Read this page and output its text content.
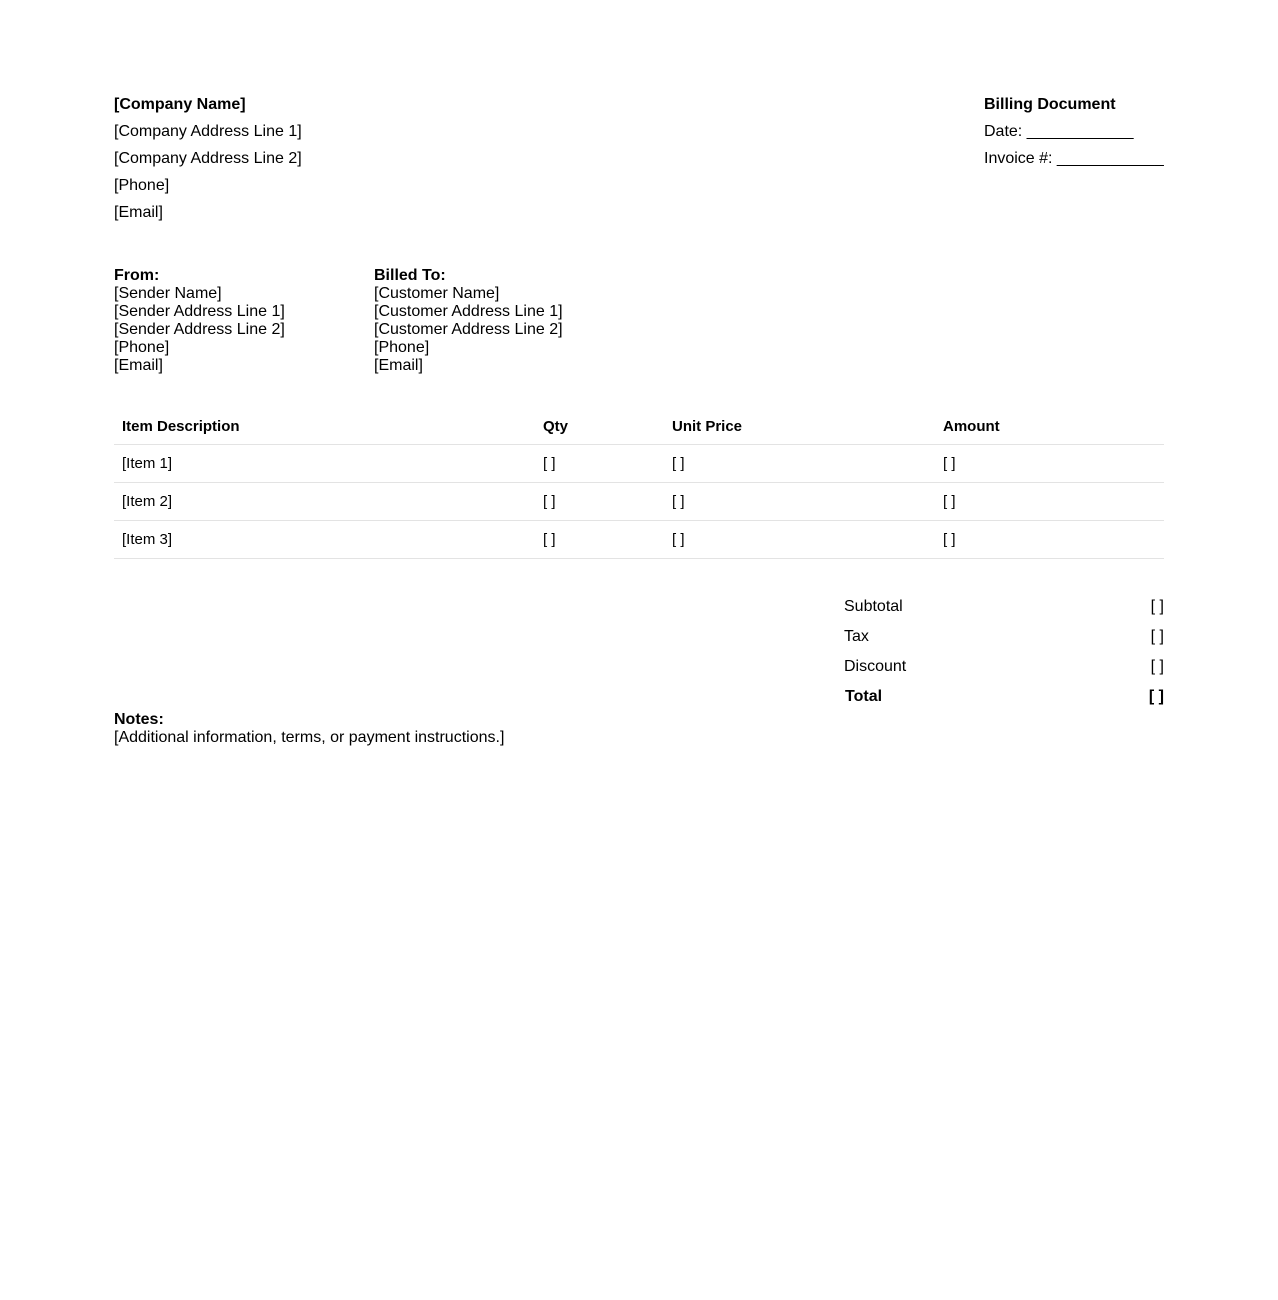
[Company Name]
[Company Address Line 1]
[Company Address Line 2]
[Phone]
[Email]
Billing Document
Date: ____________
Invoice #: ____________
From:
[Sender Name]
[Sender Address Line 1]
[Sender Address Line 2]
[Phone]
[Email]
Billed To:
[Customer Name]
[Customer Address Line 1]
[Customer Address Line 2]
[Phone]
[Email]
Item Description	Qty	Unit Price	Amount
[Item 1]	[ ]	[ ]	[ ]
[Item 2]	[ ]	[ ]	[ ]
[Item 3]	[ ]	[ ]	[ ]
Subtotal	[ ]
Tax	[ ]
Discount	[ ]
Total	[ ]
Notes:
[Additional information, terms, or payment instructions.]
